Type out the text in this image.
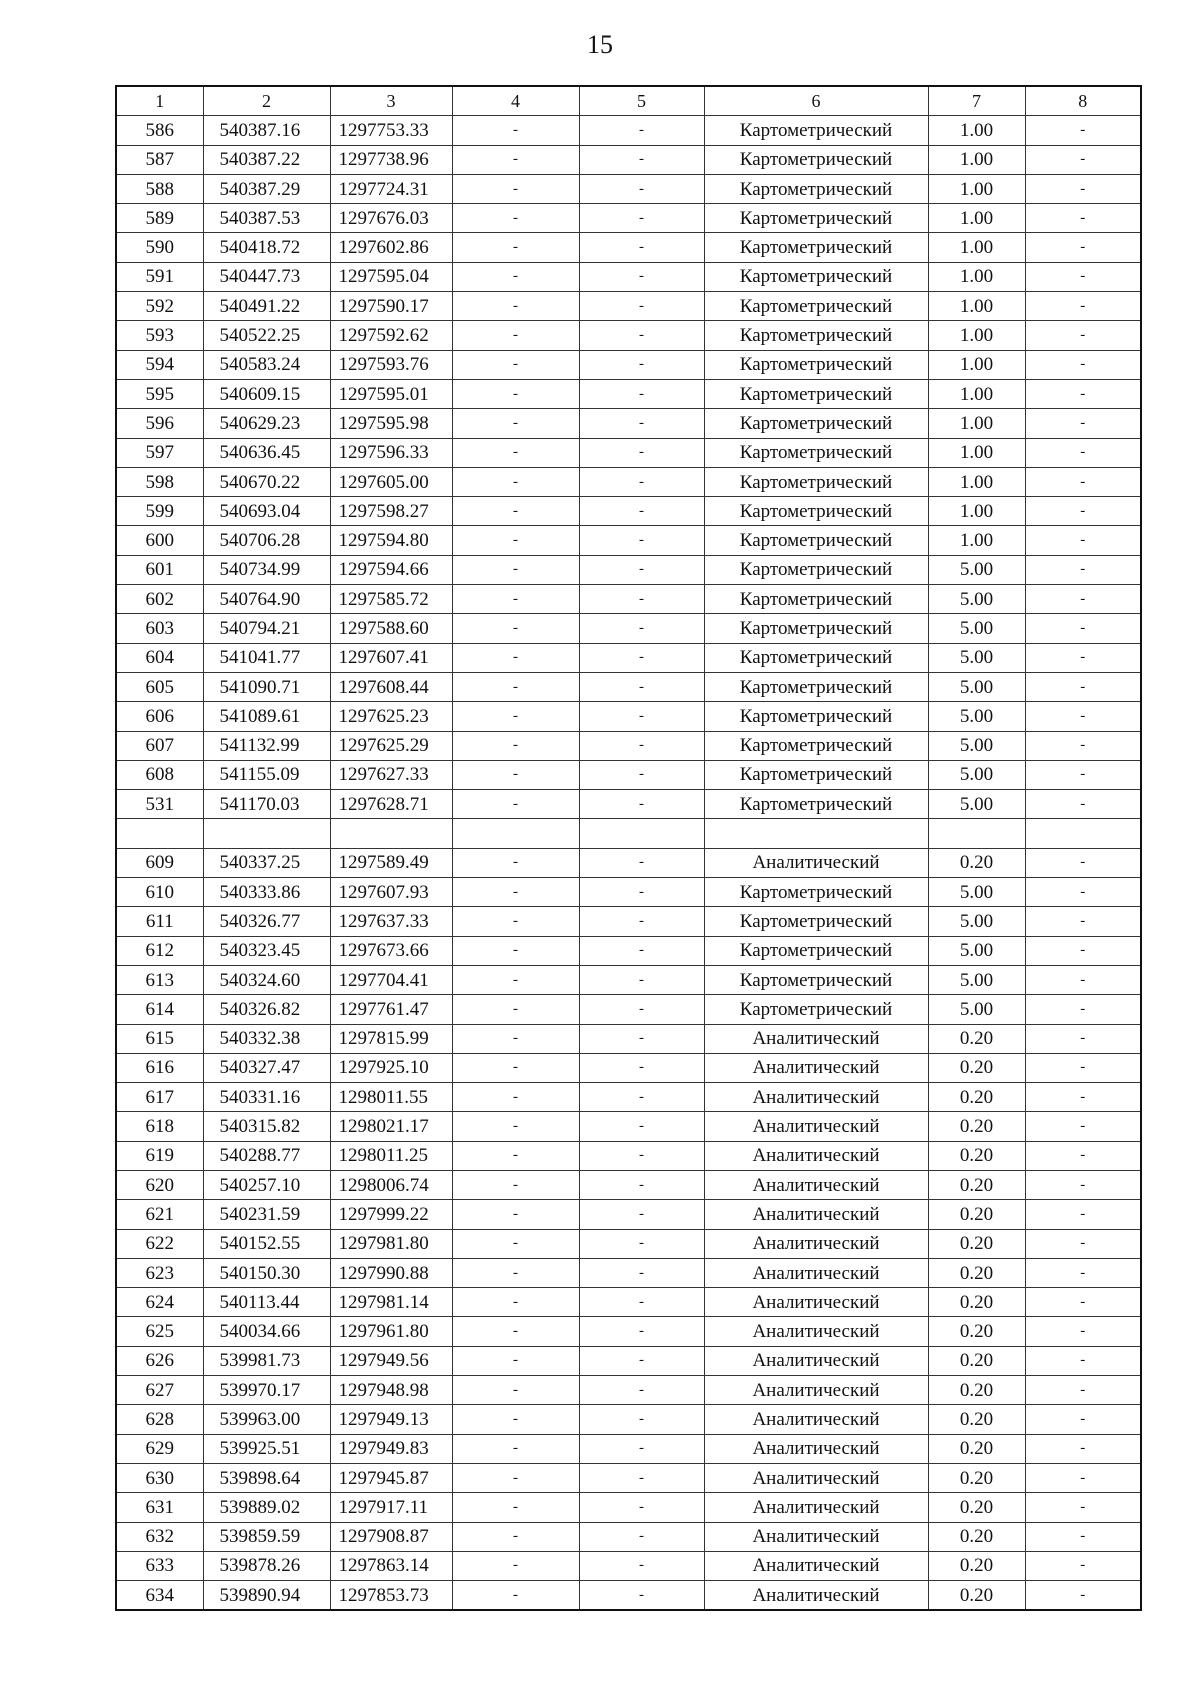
15
1	2	3	4	5	6	7	8
586	540387.16	1297753.33	-	-	Картометрический	1.00	-
587	540387.22	1297738.96	-	-	Картометрический	1.00	-
588	540387.29	1297724.31	-	-	Картометрический	1.00	-
589	540387.53	1297676.03	-	-	Картометрический	1.00	-
590	540418.72	1297602.86	-	-	Картометрический	1.00	-
591	540447.73	1297595.04	-	-	Картометрический	1.00	-
592	540491.22	1297590.17	-	-	Картометрический	1.00	-
593	540522.25	1297592.62	-	-	Картометрический	1.00	-
594	540583.24	1297593.76	-	-	Картометрический	1.00	-
595	540609.15	1297595.01	-	-	Картометрический	1.00	-
596	540629.23	1297595.98	-	-	Картометрический	1.00	-
597	540636.45	1297596.33	-	-	Картометрический	1.00	-
598	540670.22	1297605.00	-	-	Картометрический	1.00	-
599	540693.04	1297598.27	-	-	Картометрический	1.00	-
600	540706.28	1297594.80	-	-	Картометрический	1.00	-
601	540734.99	1297594.66	-	-	Картометрический	5.00	-
602	540764.90	1297585.72	-	-	Картометрический	5.00	-
603	540794.21	1297588.60	-	-	Картометрический	5.00	-
604	541041.77	1297607.41	-	-	Картометрический	5.00	-
605	541090.71	1297608.44	-	-	Картометрический	5.00	-
606	541089.61	1297625.23	-	-	Картометрический	5.00	-
607	541132.99	1297625.29	-	-	Картометрический	5.00	-
608	541155.09	1297627.33	-	-	Картометрический	5.00	-
531	541170.03	1297628.71	-	-	Картометрический	5.00	-

609	540337.25	1297589.49	-	-	Аналитический	0.20	-
610	540333.86	1297607.93	-	-	Картометрический	5.00	-
611	540326.77	1297637.33	-	-	Картометрический	5.00	-
612	540323.45	1297673.66	-	-	Картометрический	5.00	-
613	540324.60	1297704.41	-	-	Картометрический	5.00	-
614	540326.82	1297761.47	-	-	Картометрический	5.00	-
615	540332.38	1297815.99	-	-	Аналитический	0.20	-
616	540327.47	1297925.10	-	-	Аналитический	0.20	-
617	540331.16	1298011.55	-	-	Аналитический	0.20	-
618	540315.82	1298021.17	-	-	Аналитический	0.20	-
619	540288.77	1298011.25	-	-	Аналитический	0.20	-
620	540257.10	1298006.74	-	-	Аналитический	0.20	-
621	540231.59	1297999.22	-	-	Аналитический	0.20	-
622	540152.55	1297981.80	-	-	Аналитический	0.20	-
623	540150.30	1297990.88	-	-	Аналитический	0.20	-
624	540113.44	1297981.14	-	-	Аналитический	0.20	-
625	540034.66	1297961.80	-	-	Аналитический	0.20	-
626	539981.73	1297949.56	-	-	Аналитический	0.20	-
627	539970.17	1297948.98	-	-	Аналитический	0.20	-
628	539963.00	1297949.13	-	-	Аналитический	0.20	-
629	539925.51	1297949.83	-	-	Аналитический	0.20	-
630	539898.64	1297945.87	-	-	Аналитический	0.20	-
631	539889.02	1297917.11	-	-	Аналитический	0.20	-
632	539859.59	1297908.87	-	-	Аналитический	0.20	-
633	539878.26	1297863.14	-	-	Аналитический	0.20	-
634	539890.94	1297853.73	-	-	Аналитический	0.20	-
